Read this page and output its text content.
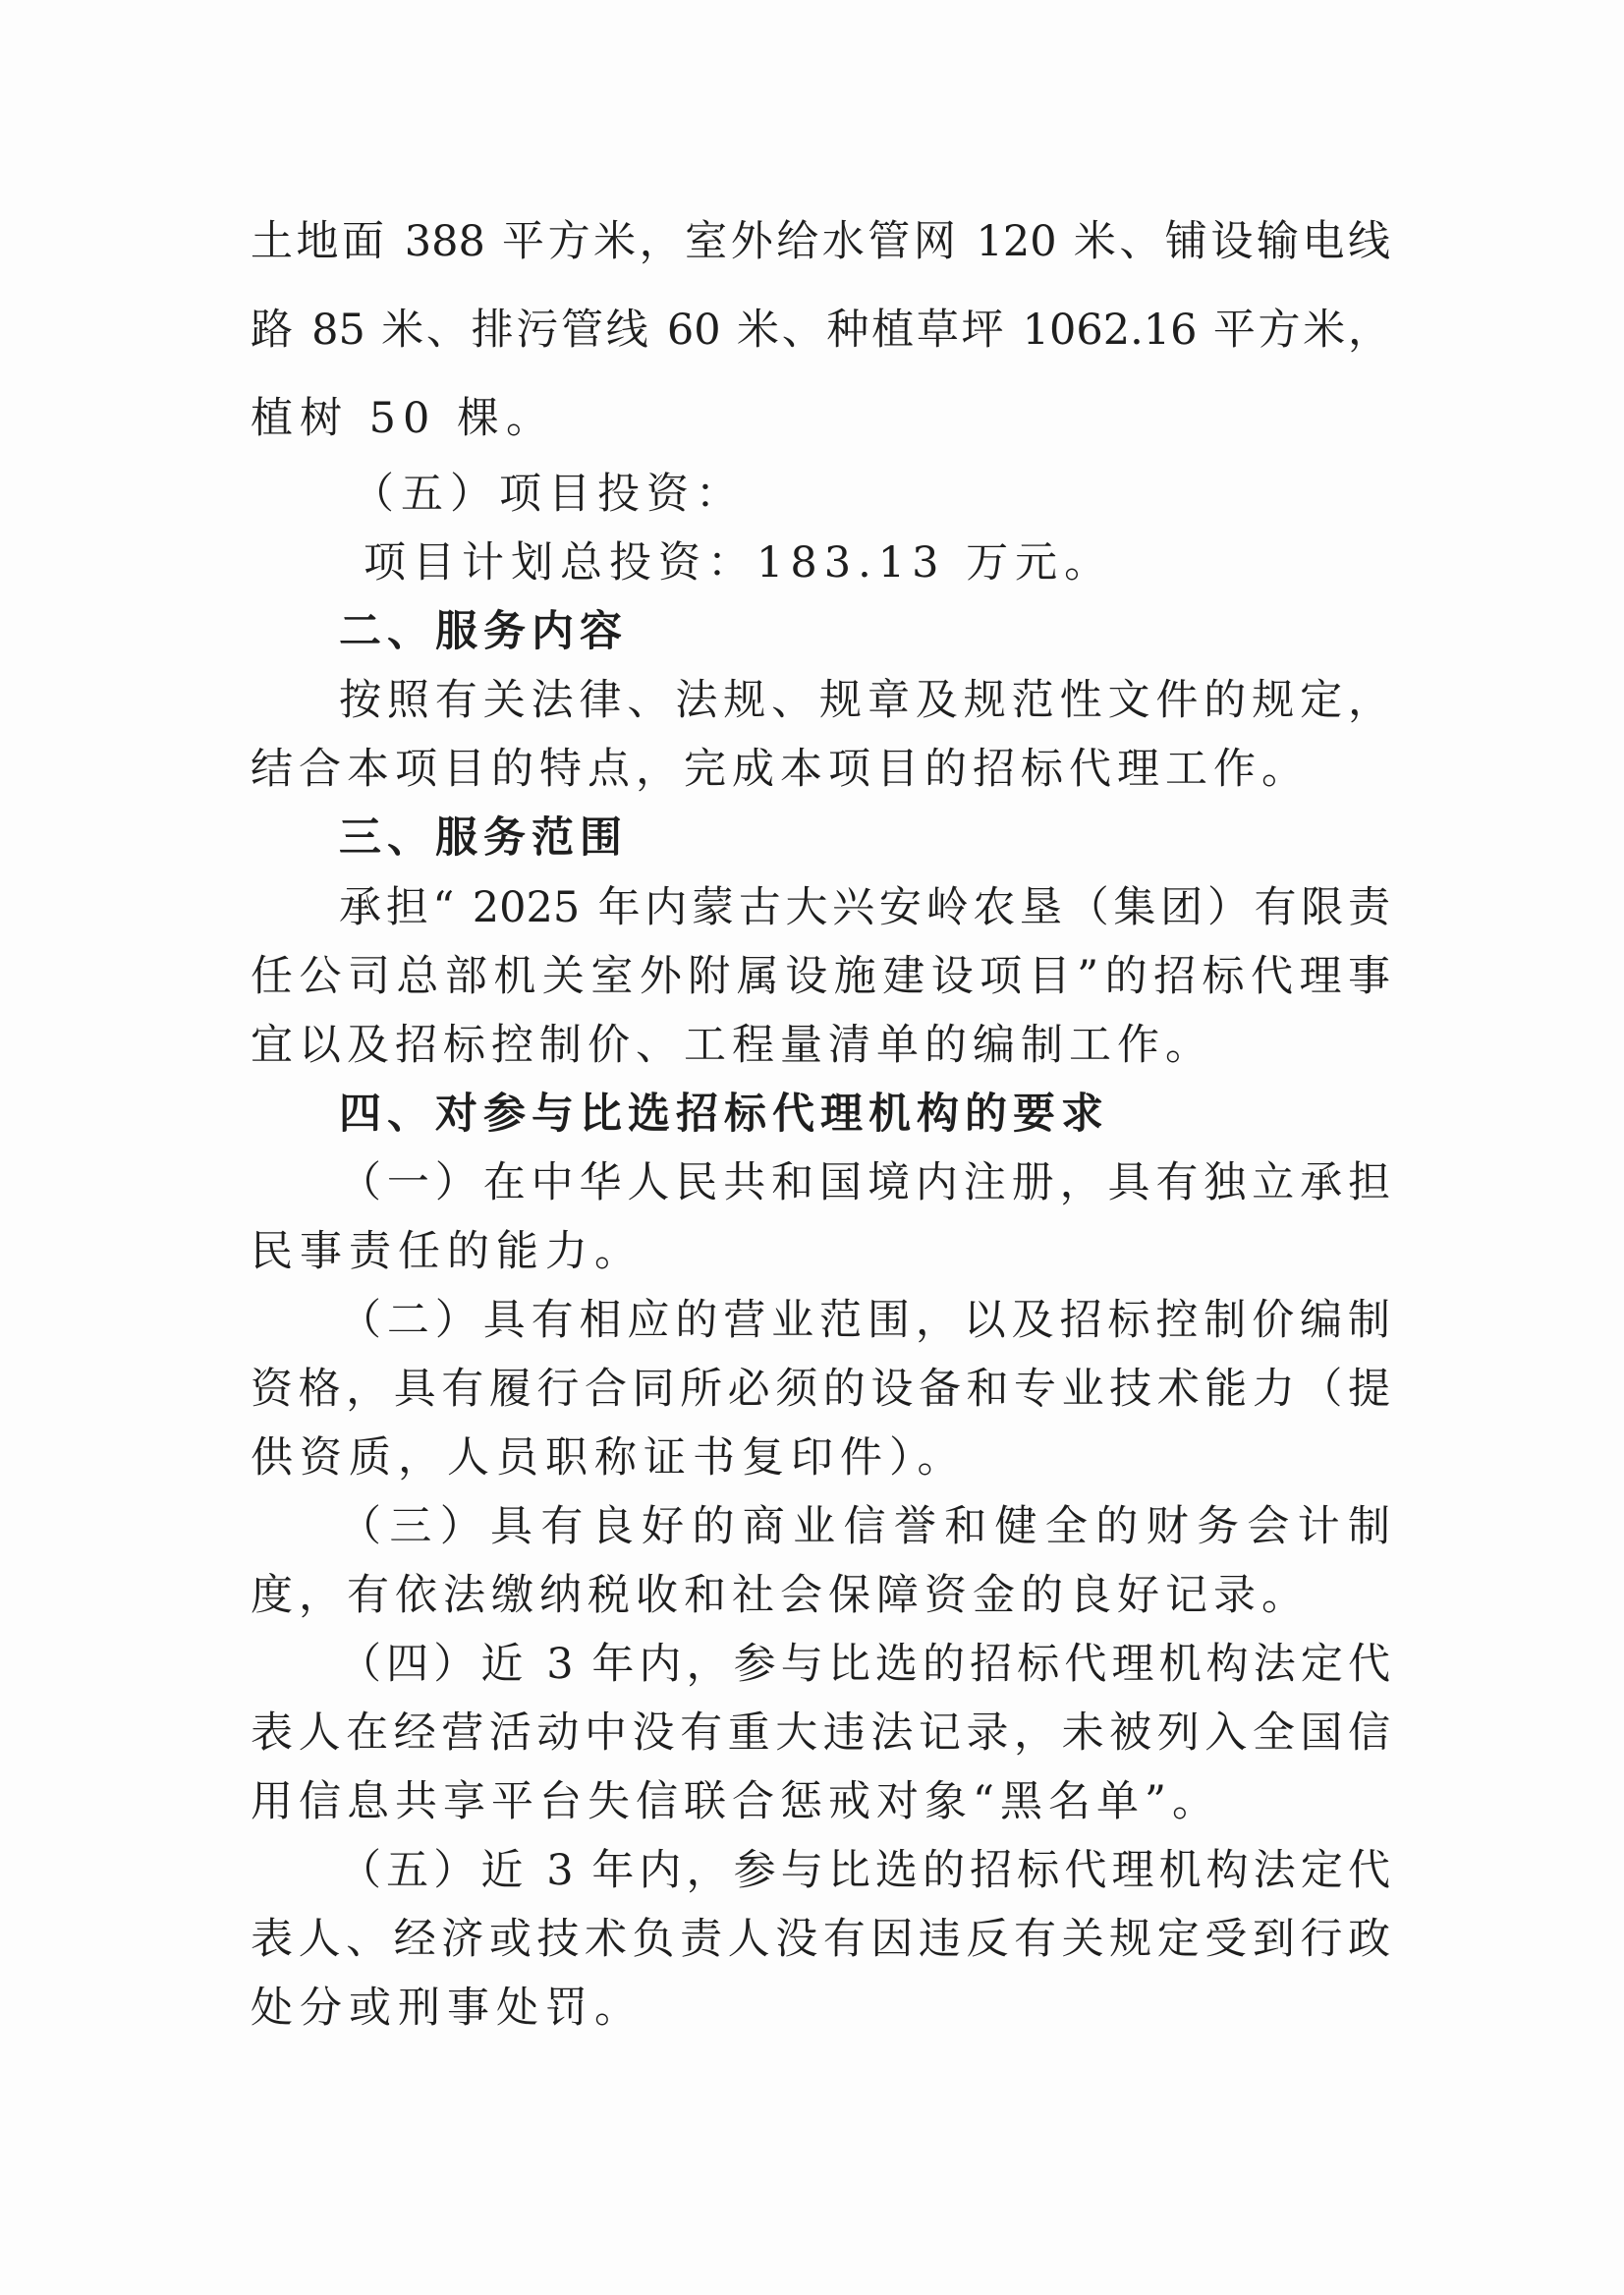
土地面 388 平方米，室外给水管网 120 米、铺设输电线
路 85 米、排污管线 60 米、种植草坪 1062.16 平方米，
植树 50 棵。
（五）项目投资：
项目计划总投资：183.13 万元。
二、服务内容
按照有关法律、法规、规章及规范性文件的规定，
结合本项目的特点，完成本项目的招标代理工作。
三、服务范围
承担“ 2025 年内蒙古大兴安岭农垦（集团）有限责
任公司总部机关室外附属设施建设项目”的招标代理事
宜以及招标控制价、工程量清单的编制工作。
四、对参与比选招标代理机构的要求
（一）在中华人民共和国境内注册，具有独立承担
民事责任的能力。
（二）具有相应的营业范围，以及招标控制价编制
资格，具有履行合同所必须的设备和专业技术能力（提
供资质，人员职称证书复印件）。
（三）具有良好的商业信誉和健全的财务会计制
度，有依法缴纳税收和社会保障资金的良好记录。
（四）近 3 年内，参与比选的招标代理机构法定代
表人在经营活动中没有重大违法记录，未被列入全国信
用信息共享平台失信联合惩戒对象“黑名单”。
（五）近 3 年内，参与比选的招标代理机构法定代
表人、经济或技术负责人没有因违反有关规定受到行政
处分或刑事处罚。
